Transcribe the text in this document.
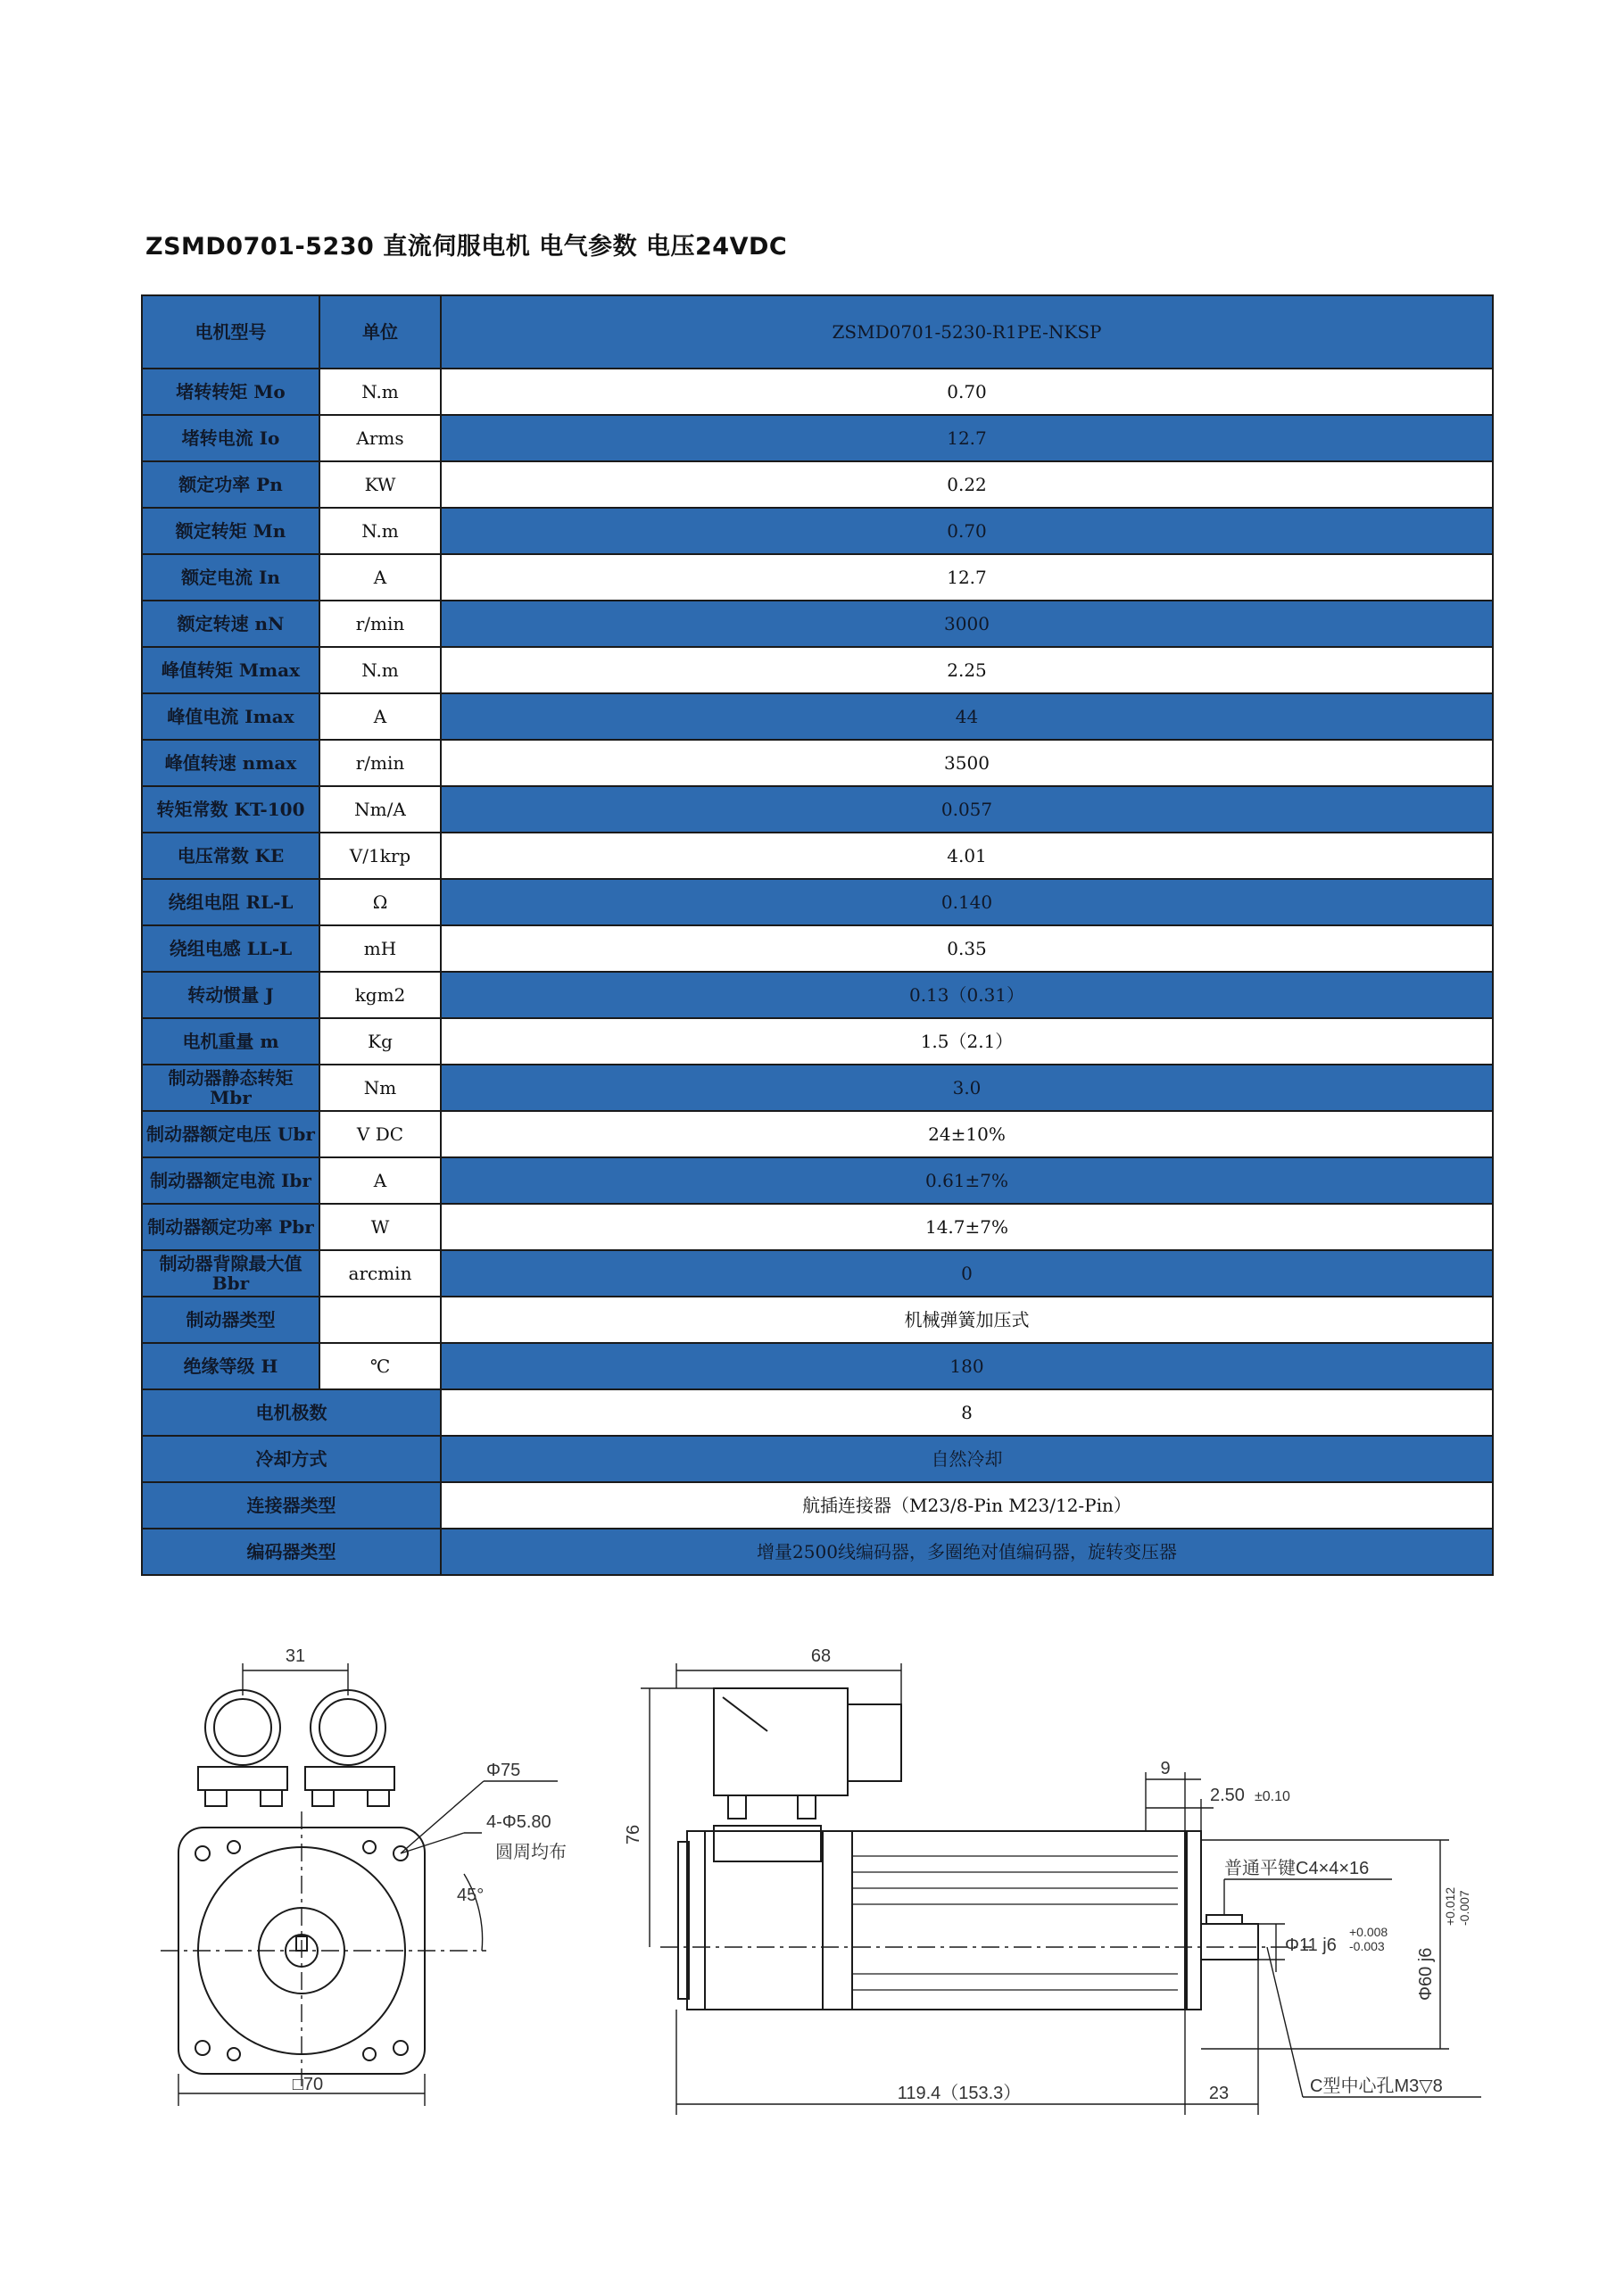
ZSMD0701-5230 直流伺服电机 电气参数 电压24VDC
电机型号	单位	ZSMD0701-5230-R1PE-NKSP
堵转转矩 Mo	N.m	0.70
堵转电流 Io	Arms	12.7
额定功率 Pn	KW	0.22
额定转矩 Mn	N.m	0.70
额定电流 In	A	12.7
额定转速 nN	r/min	3000
峰值转矩 Mmax	N.m	2.25
峰值电流 Imax	A	44
峰值转速 nmax	r/min	3500
转矩常数 KT-100	Nm/A	0.057
电压常数 KE	V/1krp	4.01
绕组电阻 RL-L	Ω	0.140
绕组电感 LL-L	mH	0.35
转动惯量 J	kgm2	0.13（0.31）
电机重量 m	Kg	1.5（2.1）
制动器静态转矩 Mbr	Nm	3.0
制动器额定电压 Ubr	V DC	24±10%
制动器额定电流 Ibr	A	0.61±7%
制动器额定功率 Pbr	W	14.7±7%
制动器背隙最大值 Bbr	arcmin	0
制动器类型		机械弹簧加压式
绝缘等级 H	℃	180
电机极数		8
冷却方式		自然冷却
连接器类型		航插连接器（M23/8-Pin M23/12-Pin）
编码器类型		增量2500线编码器，多圈绝对值编码器，旋转变压器
31
Φ75
4-Φ5.80
圆周均布
45°
□70
68
76
9
2.50 ±0.10
普通平键C4×4×16
Φ11 j6
+0.008
-0.003
Φ60 j6
+0.012 -0.007
119.4（153.3）	23	C型中心孔M3▽8
